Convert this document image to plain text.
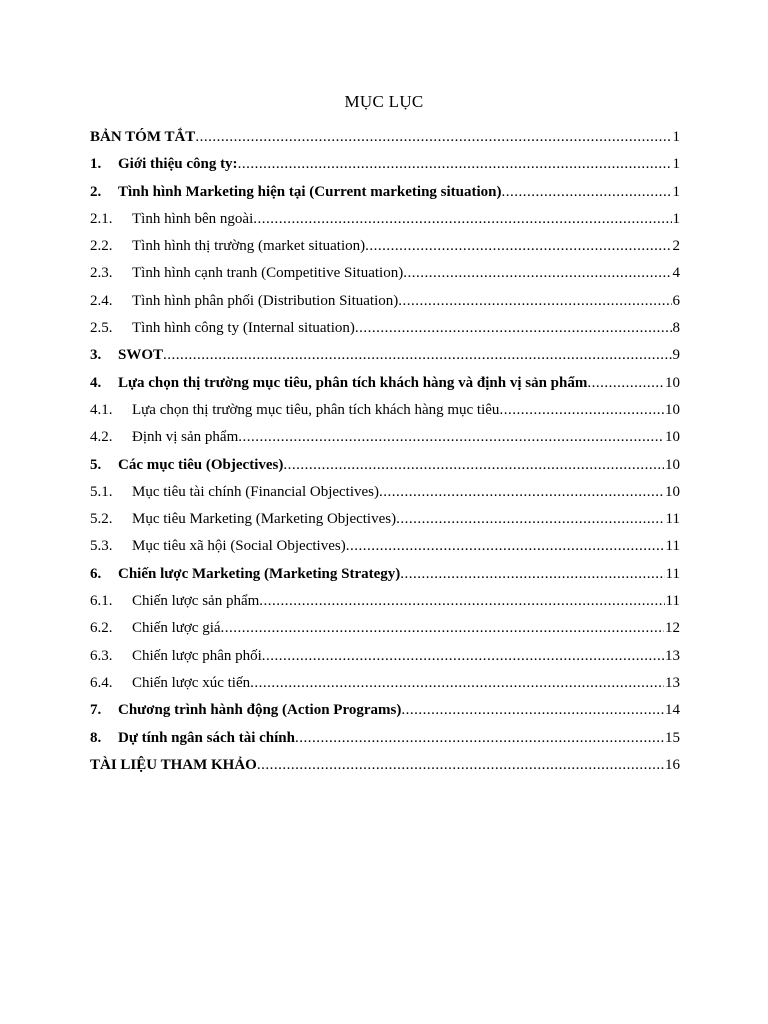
MỤC LỤC
BẢN TÓM TẮT .....	1
1.	Giới thiệu công ty: .....	1
2.	Tình hình Marketing hiện tại (Current marketing situation) .....	1
2.1.	Tình hình bên ngoài .....	1
2.2.	Tình hình thị trường (market situation) .....	2
2.3.	Tình hình cạnh tranh (Competitive Situation) .....	4
2.4.	Tình hình phân phối (Distribution Situation) .....	6
2.5.	Tình hình công ty (Internal situation) .....	8
3.	SWOT .....	9
4.	Lựa chọn thị trường mục tiêu, phân tích khách hàng và định vị sản phẩm .....	10
4.1.	Lựa chọn thị trường mục tiêu, phân tích khách hàng mục tiêu .....	10
4.2.	Định vị sản phẩm .....	10
5.	Các mục tiêu (Objectives) .....	10
5.1.	Mục tiêu tài chính (Financial Objectives) .....	10
5.2.	Mục tiêu Marketing (Marketing Objectives) .....	11
5.3.	Mục tiêu xã hội (Social Objectives) .....	11
6.	Chiến lược Marketing (Marketing Strategy) .....	11
6.1.	Chiến lược sản phẩm .....	11
6.2.	Chiến lược giá .....	12
6.3.	Chiến lược phân phối .....	13
6.4.	Chiến lược xúc tiến .....	13
7.	Chương trình hành động (Action Programs) .....	14
8.	Dự tính ngân sách tài chính .....	15
TÀI LIỆU THAM KHẢO .....	16
